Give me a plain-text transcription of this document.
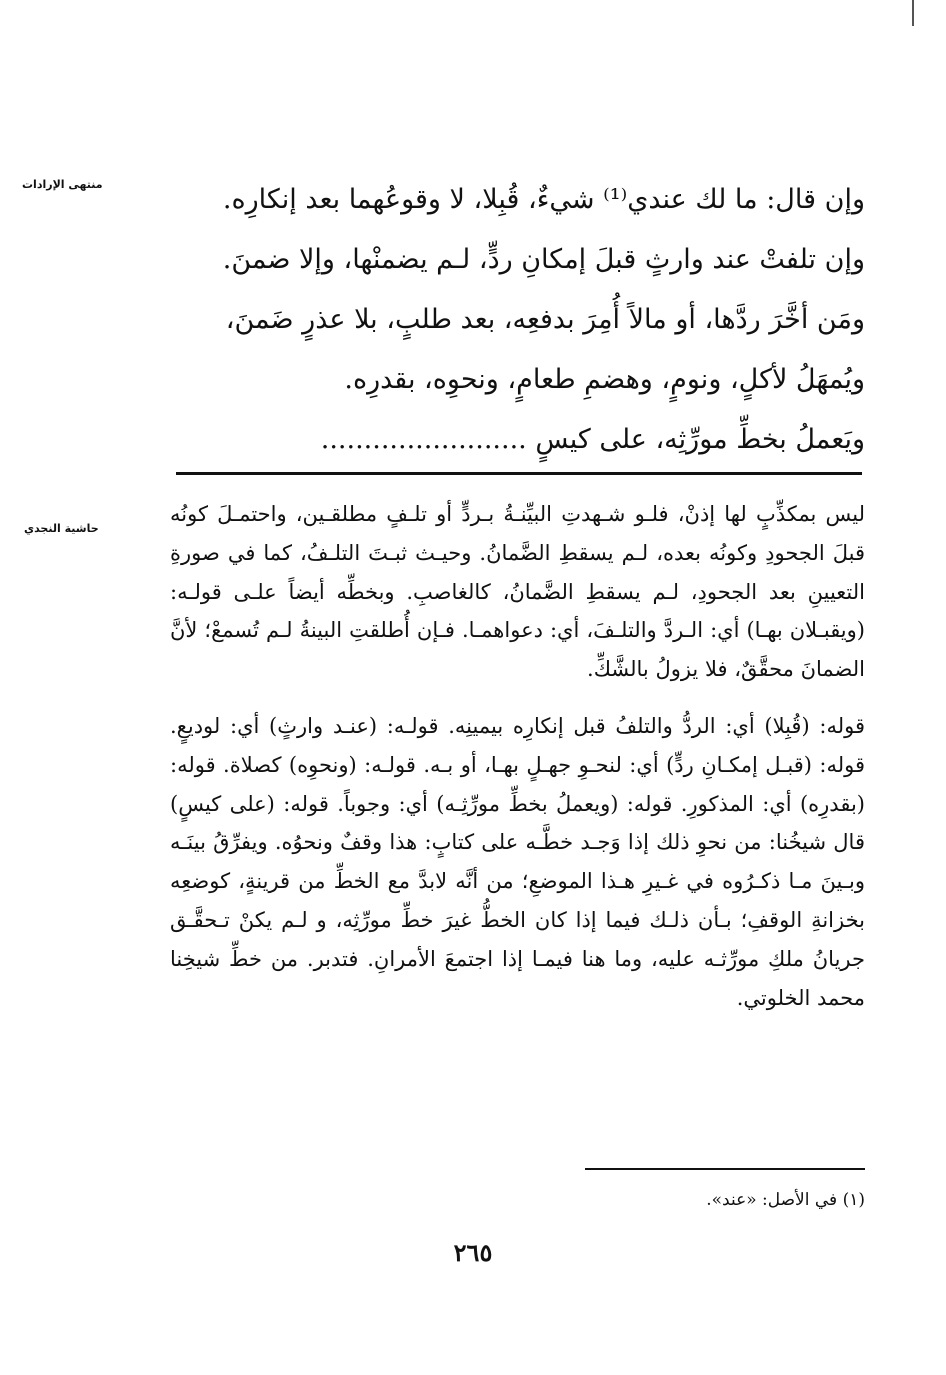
منتهى الإرادات	وإن قال: ما لك عندي⁽¹⁾ شيءٌ، قُبِلا، لا وقوعُهما بعد إنكارِه.
وإن تلفتْ عند وارثٍ قبلَ إمكانِ ردٍّ، لـم يضمنْها، وإلا ضمنَ.
ومَن أخَّرَ ردَّها، أو مالاً أُمِرَ بدفعِه، بعد طلبٍ، بلا عذرٍ ضَمنَ،
ويُمهَلُ لأكلٍ، ونومٍ، وهضمِ طعامٍ، ونحوِه، بقدرِه.
ويَعملُ بخطِّ مورِّثِه، على كيسٍ ........................
حاشية النجدي

ليس بمكذِّبٍ لها إذنْ، فلـو شـهدتِ البيِّنـةُ بـردٍّ أو تلـفٍ مطلقـين، واحتمـلَ كونُه قبلَ الجحودِ وكونُه بعده، لـم يسقطِ الضَّمانُ. وحيـث ثبـتَ التلـفُ، كما في صورةِ التعيينِ بعد الجحودِ، لـم يسقطِ الضَّمانُ، كالغاصبِ. وبخطِّه أيضاً علـى قولـه: (ويقبـلان بهـا) أي: الـردَّ والتلـفَ، أي: دعواهمـا. فـإن أُطلقتِ البينةُ لـم تُسمعْ؛ لأنَّ الضمانَ محقَّقٌ، فلا يزولُ بالشَّكِّ.

قوله: (قُبِلا) أي: الردُّ والتلفُ قبل إنكارِه بيمينِه. قولـه: (عنـد وارثٍ) أي: لوديعٍ. قوله: (قبـل إمكـانِ ردٍّ) أي: لنحـوِ جهـلٍ بهـا، أو بـه. قولـه: (ونحوِه) كصلاة. قوله: (بقدرِه) أي: المذكورِ. قوله: (ويعملُ بخطِّ مورِّثِـه) أي: وجوباً. قوله: (على كيسٍ) قال شيخُنا: من نحوِ ذلك إذا وَجـد خطَّـه على كتابٍ: هذا وقفٌ ونحوُه. ويفرِّقُ بينَـه وبـينَ مـا ذكـرُوه في غـيرِ هـذا الموضعِ؛ من أنَّه لابدَّ مع الخطِّ من قرينةٍ، كوضعِه بخزانةِ الوقفِ؛ بـأن ذلـك فيما إذا كان الخطُّ غيرَ خطِّ مورِّثِه، و لـم يكنْ تـحقَّـق جريانُ ملكِ مورِّثـه عليه، وما هنا فيمـا إذا اجتمعَ الأمرانِ. فتدبر. من خطِّ شيخِنا محمد الخلوتي.

(١) في الأصل: «عند».
٢٦٥
